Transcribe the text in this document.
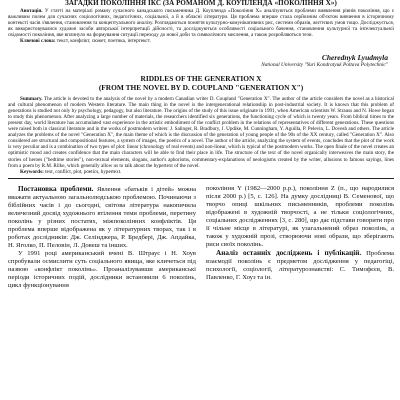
ЗАГАДКИ ПОКОЛІННЯ ІКС (ЗА РОМАНОМ Д. КОУПЛЕНДА «ПОКОЛІННЯ Х»)

Анотація. У статті на матеріалі роману сучасного канадського письменника Д. Коупленда «Покоління Х» аналізуються проблеми виявлення рівнів покоління, що є важливим полем для сучасних соціологічних, педагогічних, соціальної, а й в обласні літератури. Ця проблема вперше стала серйозним об'єктом вивчення в історичному контексті часів з'явлення, становлення та концептуального аналізу. Розглядаються поняття культурно-комунікативних рис, системи образів, життєвих умов тощо. Досліджується, як використовувалися художні засоби авторської інтерпретації дійсності, та досліджуються особливості соціального бачення, становлення культурної та інтелектуальної свідомості покоління, яке вплинуло на формування ситуації переходу до нової доби та символічного мислення, а також розробляються тези.

Ключові слова: текст, конфлікт, сюжет, поетика, інтертекст.

Cherednyk Lyudmyla
National University "Yuri Kondratyuk Poltava Polytechnic"
RIDDLES OF THE GENERATION X
(FROM THE NOVEL BY D. COUPLAND "GENERATION X")

Summary. The article is devoted to the analysis of the novel by a modern Canadian writer D. Coupland "Generation X". The author of the article considers the novel as a historical and cultural phenomenon of modern Western literature. The main thing in the novel is the intergenerational relationship in post-industrial society. It is known that this problem of generations is studied not only by psychology, pedagogy, but also literature. The origins of the study of this issue originate in 1991, when American scientists W. Strauss and N. Howe began to study this phenomenon. After analyzing a large number of materials, the researchers identified six generations, the functioning cycle of which is twenty years. From biblical times to the present day, world literature has accumulated vast experience in the artistic embodiment of the conflict problem in the relations of representatives of different generations. These questions were raised both in classical literature and in the works of postmodern writers: J. Salinger, R. Bradbury, J. Updike, M. Cunningham, Y. Aguilla, P. Pelevin, L. Dovesh and others. The article analyzes the problems of the novel "Generation X", the main theme of which is the discussion of the generation of young people of the 90s of the XX century, called "Generation X". Also considered are structural and compositional features, a system of images, the poetics of a novel. The author of the article, analyzing the system of events, concludes that the plot of the work is very peculiar and is a combination of two types of plot: linear (chronology of real events) and non-linear, which is typical of the postmodern works. The open finale of the novel creates an optimistic mood and creates confidence that the main characters will be able to find their place in life. The structure of the text of the novel organically interweaves the main story, the stories of heroes ("bedtime stories"), non-textual elements, slogans, author's aphorisms, commentary-explanations of neologisms created by the writer, allusions to famous sayings, lines from a poem by R.M. Rilke, which generally allow us to talk about the hypertext of the novel.

Keywords: text, conflict, plot, poetics, hypertext.

Постановка проблеми. Явлення «батьків і дітей» можна вважати актуальною загальнолюдською проблемою. Починаючи з біблійних часів і до сьогодні, світова література накопичила величезний досвід художнього втілення теми проблеми, перетину поколінь у різних постатях, міжпоколінних конфліктів. Ця проблема вперше відображена як у літературних творах, так і в роботах дослідників: Дж. Селінджера, Р. Бредбері, Дж. Апдайка, Н. Яголко, П. Пеловін, Л. Довеш та інших.

У 1991 році американський вчені В. Штраус і Н. Хоув спробували осмислити суть соціального явища, яке кличеться під назвою «конфлікт поколінь». Проаналізувавши американські періоди історичних подій, дослідники встановили 6 поколінь, цикл функціонування

покоління Y (1982—2000 р.р.), покоління Z (п., що народилися після 2000 р.) [5, с. 126]. На думку дослідниці В. Семенової, що творчо опиці шкільних письменників, проблеми поколінь відображені в художній творчості, а не тільки соціологічних, соціальних дослідженнях [3, с. 280], що дає підстави говорити про її чільне місце в літературі, як узагальнений образ поколінь, а також у художній прозі, створюючи нові образи, що зберігають риси своїх поколінь.

Аналіз останніх досліджень і публікацій. Проблема взаємодії поколінь є предметом дослідження у педагогіці, психології, соціології, літературознавстві: С. Тимофєєв, В. Павленко, Г. Хоуз та ін.
